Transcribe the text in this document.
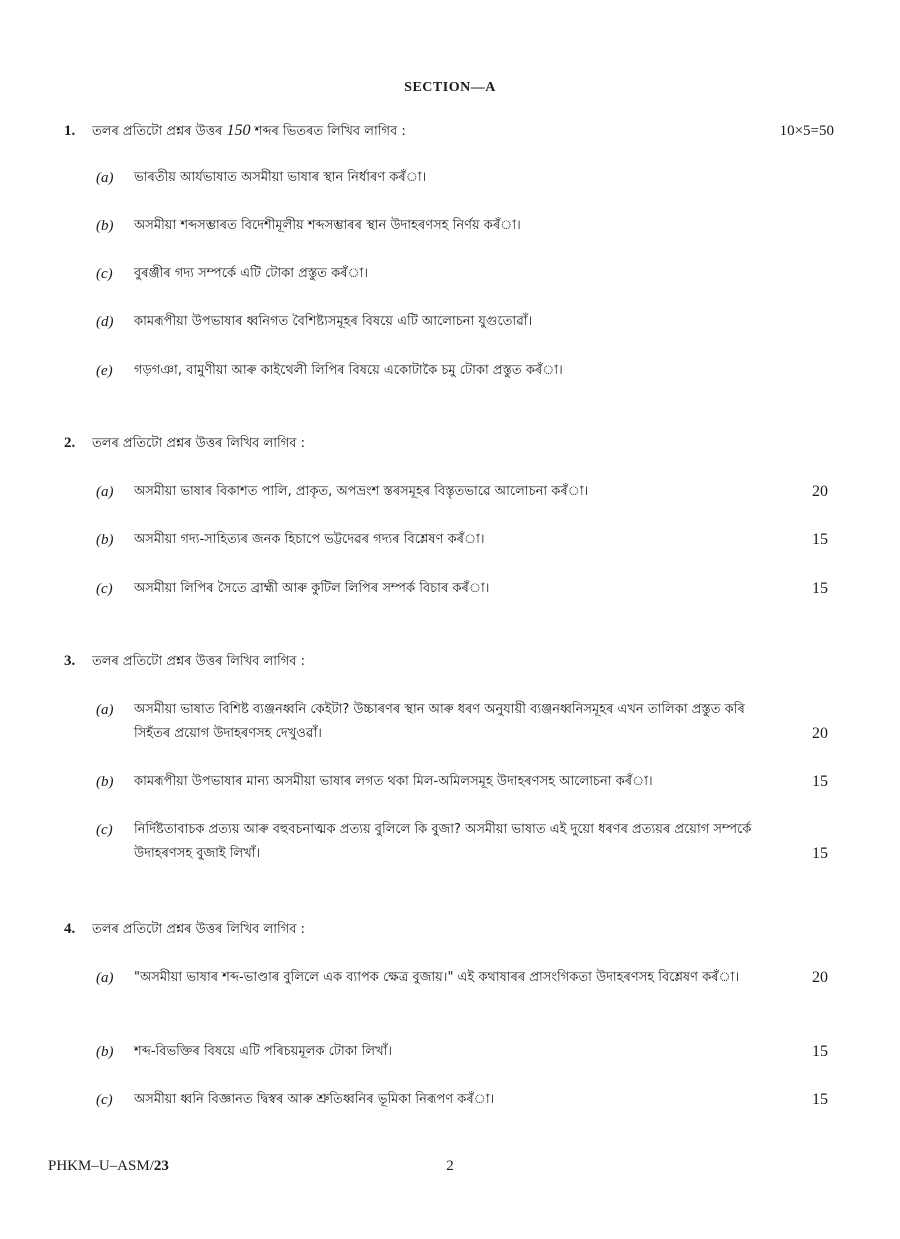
SECTION—A
1.	তলৰ প্ৰতিটো প্ৰশ্নৰ উত্তৰ 150 শব্দৰ ভিতৰত লিখিব লাগিব :	10×5=50
(a)	ভাৰতীয় আৰ্যভাষাত অসমীয়া ভাষাৰ স্থান নিৰ্ধাৰণ কৰঁা।
(b)	অসমীয়া শব্দসম্ভাৰত বিদেশীমূলীয় শব্দসম্ভাৰৰ স্থান উদাহৰণসহ নিৰ্ণয় কৰঁা।
(c)	বুৰঞ্জীৰ গদ্য সম্পৰ্কে এটি টোকা প্ৰস্তুত কৰঁা।
(d)	কামৰূপীয়া উপভাষাৰ ধ্বনিগত বৈশিষ্ট্যসমূহৰ বিষয়ে এটি আলোচনা যুগুতোৱাঁ।
(e)	গড়গঞা, বামুণীয়া আৰু কাইথেলী লিপিৰ বিষয়ে একোটাকৈ চমু টোকা প্ৰস্তুত কৰঁা।
2.	তলৰ প্ৰতিটো প্ৰশ্নৰ উত্তৰ লিখিব লাগিব :
(a)	অসমীয়া ভাষাৰ বিকাশত পালি, প্ৰাকৃত, অপভ্ৰংশ স্তৰসমূহৰ বিস্তৃতভাৱে আলোচনা কৰঁা।	20
(b)	অসমীয়া গদ্য-সাহিত্যৰ জনক হিচাপে ভট্টদেৱৰ গদ্যৰ বিশ্লেষণ কৰঁা।	15
(c)	অসমীয়া লিপিৰ সৈতে ব্ৰাহ্মী আৰু কুটিল লিপিৰ সম্পৰ্ক বিচাৰ কৰঁা।	15
3.	তলৰ প্ৰতিটো প্ৰশ্নৰ উত্তৰ লিখিব লাগিব :
(a)	অসমীয়া ভাষাত বিশিষ্ট ব্যঞ্জনধ্বনি কেইটা? উচ্চাৰণৰ স্থান আৰু ধৰণ অনুযায়ী ব্যঞ্জনধ্বনিসমূহৰ এখন তালিকা প্ৰস্তুত কৰি সিহঁতৰ প্ৰয়োগ উদাহৰণসহ দেখুওৱাঁ।	20
(b)	কামৰূপীয়া উপভাষাৰ মান্য অসমীয়া ভাষাৰ লগত থকা মিল-অমিলসমূহ উদাহৰণসহ আলোচনা কৰঁা।	15
(c)	নিৰ্দিষ্টতাবাচক প্ৰত্যয় আৰু বহুবচনাত্মক প্ৰত্যয় বুলিলে কি বুজা? অসমীয়া ভাষাত এই দুয়ো ধৰণৰ প্ৰত্যয়ৰ প্ৰয়োগ সম্পৰ্কে উদাহৰণসহ বুজাই লিখাঁ।	15
4.	তলৰ প্ৰতিটো প্ৰশ্নৰ উত্তৰ লিখিব লাগিব :
(a)	"অসমীয়া ভাষাৰ শব্দ-ভাণ্ডাৰ বুলিলে এক ব্যাপক ক্ষেত্ৰ বুজায়।" এই কথাষাৰৰ প্ৰাসংগিকতা উদাহৰণসহ বিশ্লেষণ কৰঁা।	20
(b)	শব্দ-বিভক্তিৰ বিষয়ে এটি পৰিচয়মূলক টোকা লিখাঁ।	15
(c)	অসমীয়া ধ্বনি বিজ্ঞানত দ্বিস্বৰ আৰু শ্ৰুতিধ্বনিৰ ভূমিকা নিৰূপণ কৰঁা।	15
PHKM–U–ASM/23	2
